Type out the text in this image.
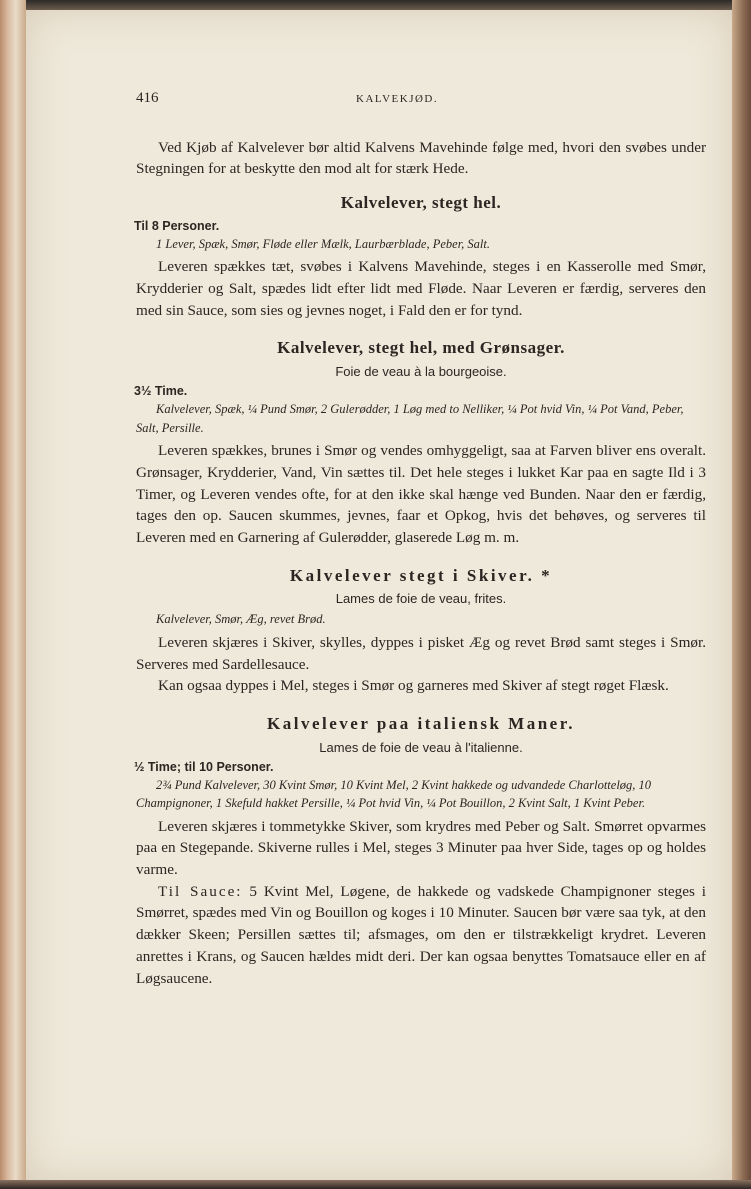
416	KALVEKJØD.

Ved Kjøb af Kalvelever bør altid Kalvens Mavehinde følge med, hvori den svøbes under Stegningen for at beskytte den mod alt for stærk Hede.

Kalvelever, stegt hel.
Til 8 Personer.
1 Lever, Spæk, Smør, Fløde eller Mælk, Laurbærblade, Peber, Salt.

Leveren spækkes tæt, svøbes i Kalvens Mavehinde, steges i en Kasserolle med Smør, Krydderier og Salt, spædes lidt efter lidt med Fløde. Naar Leveren er færdig, serveres den med sin Sauce, som sies og jevnes noget, i Fald den er for tynd.

Kalvelever, stegt hel, med Grønsager.
Foie de veau à la bourgeoise.
3½ Time.
Kalvelever, Spæk, ¼ Pund Smør, 2 Gulerødder, 1 Løg med to Nelliker, ¼ Pot hvid Vin, ¼ Pot Vand, Peber, Salt, Persille.

Leveren spækkes, brunes i Smør og vendes omhyggeligt, saa at Farven bliver ens overalt. Grønsager, Krydderier, Vand, Vin sættes til. Det hele steges i lukket Kar paa en sagte Ild i 3 Timer, og Leveren vendes ofte, for at den ikke skal hænge ved Bunden. Naar den er færdig, tages den op. Saucen skummes, jevnes, faar et Opkog, hvis det behøves, og serveres til Leveren med en Garnering af Gulerødder, glaserede Løg m. m.

Kalvelever stegt i Skiver. *
Lames de foie de veau, frites.
Kalvelever, Smør, Æg, revet Brød.

Leveren skjæres i Skiver, skylles, dyppes i pisket Æg og revet Brød samt steges i Smør. Serveres med Sardellesauce.

Kan ogsaa dyppes i Mel, steges i Smør og garneres med Skiver af stegt røget Flæsk.

Kalvelever paa italiensk Maner.
Lames de foie de veau à l'italienne.
½ Time; til 10 Personer.
2¾ Pund Kalvelever, 30 Kvint Smør, 10 Kvint Mel, 2 Kvint hakkede og udvandede Charlotteløg, 10 Champignoner, 1 Skefuld hakket Persille, ¼ Pot hvid Vin, ¼ Pot Bouillon, 2 Kvint Salt, 1 Kvint Peber.

Leveren skjæres i tommetykke Skiver, som krydres med Peber og Salt. Smørret opvarmes paa en Stegepande. Skiverne rulles i Mel, steges 3 Minuter paa hver Side, tages op og holdes varme.

Til Sauce: 5 Kvint Mel, Løgene, de hakkede og vadskede Champignoner steges i Smørret, spædes med Vin og Bouillon og koges i 10 Minuter. Saucen bør være saa tyk, at den dækker Skeen; Persillen sættes til; afsmages, om den er tilstrækkeligt krydret. Leveren anrettes i Krans, og Saucen hældes midt deri. Der kan ogsaa benyttes Tomatsauce eller en af Løgsaucene.
